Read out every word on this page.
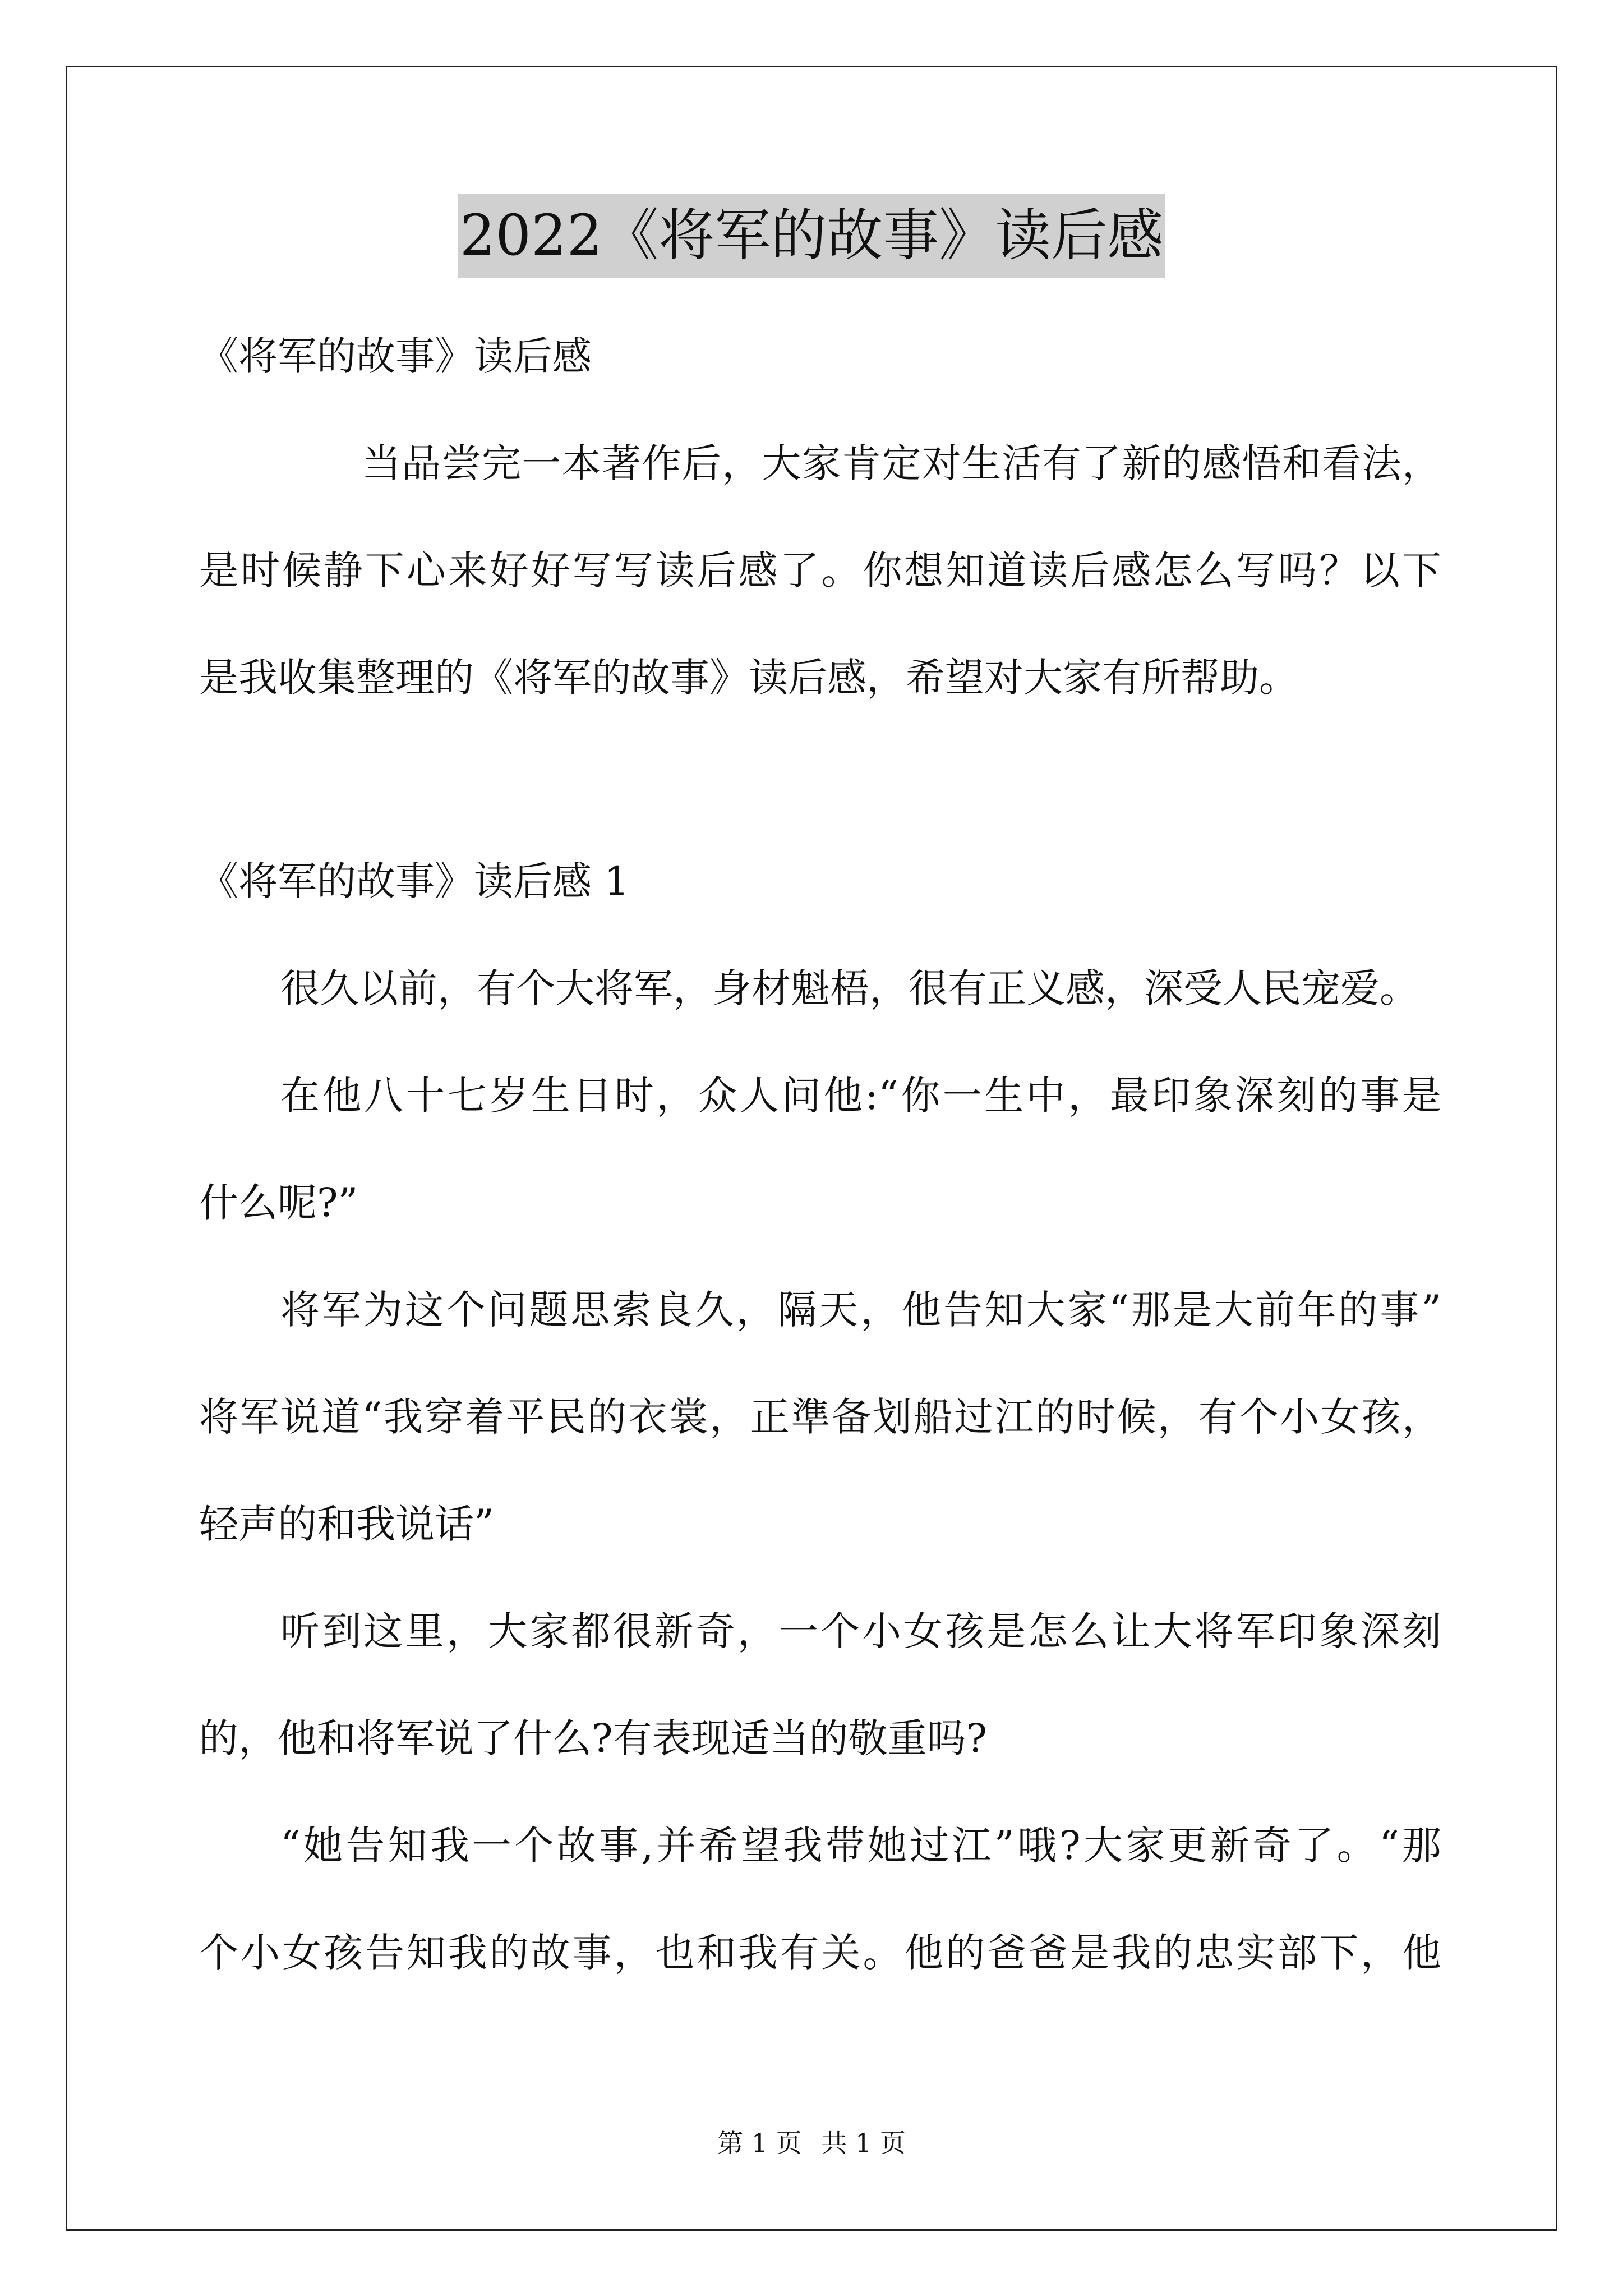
2022《将军的故事》读后感
《将军的故事》读后感
当品尝完一本著作后，大家肯定对生活有了新的感悟和看法，
是时候静下心来好好写写读后感了。你想知道读后感怎么写吗？以下
是我收集整理的《将军的故事》读后感，希望对大家有所帮助。
《将军的故事》读后感 1
很久以前，有个大将军，身材魁梧，很有正义感，深受人民宠爱。
在他八十七岁生日时，众人问他:“你一生中，最印象深刻的事是
什么呢?”
将军为这个问题思索良久，隔天，他告知大家“那是大前年的事”
将军说道“我穿着平民的衣裳，正準备划船过江的时候，有个小女孩，
轻声的和我说话”
听到这里，大家都很新奇，一个小女孩是怎么让大将军印象深刻
的，他和将军说了什么?有表现适当的敬重吗?
“她告知我一个故事,并希望我带她过江”哦?大家更新奇了。“那
个小女孩告知我的故事，也和我有关。他的爸爸是我的忠实部下，他
第 1 页 共 1 页
